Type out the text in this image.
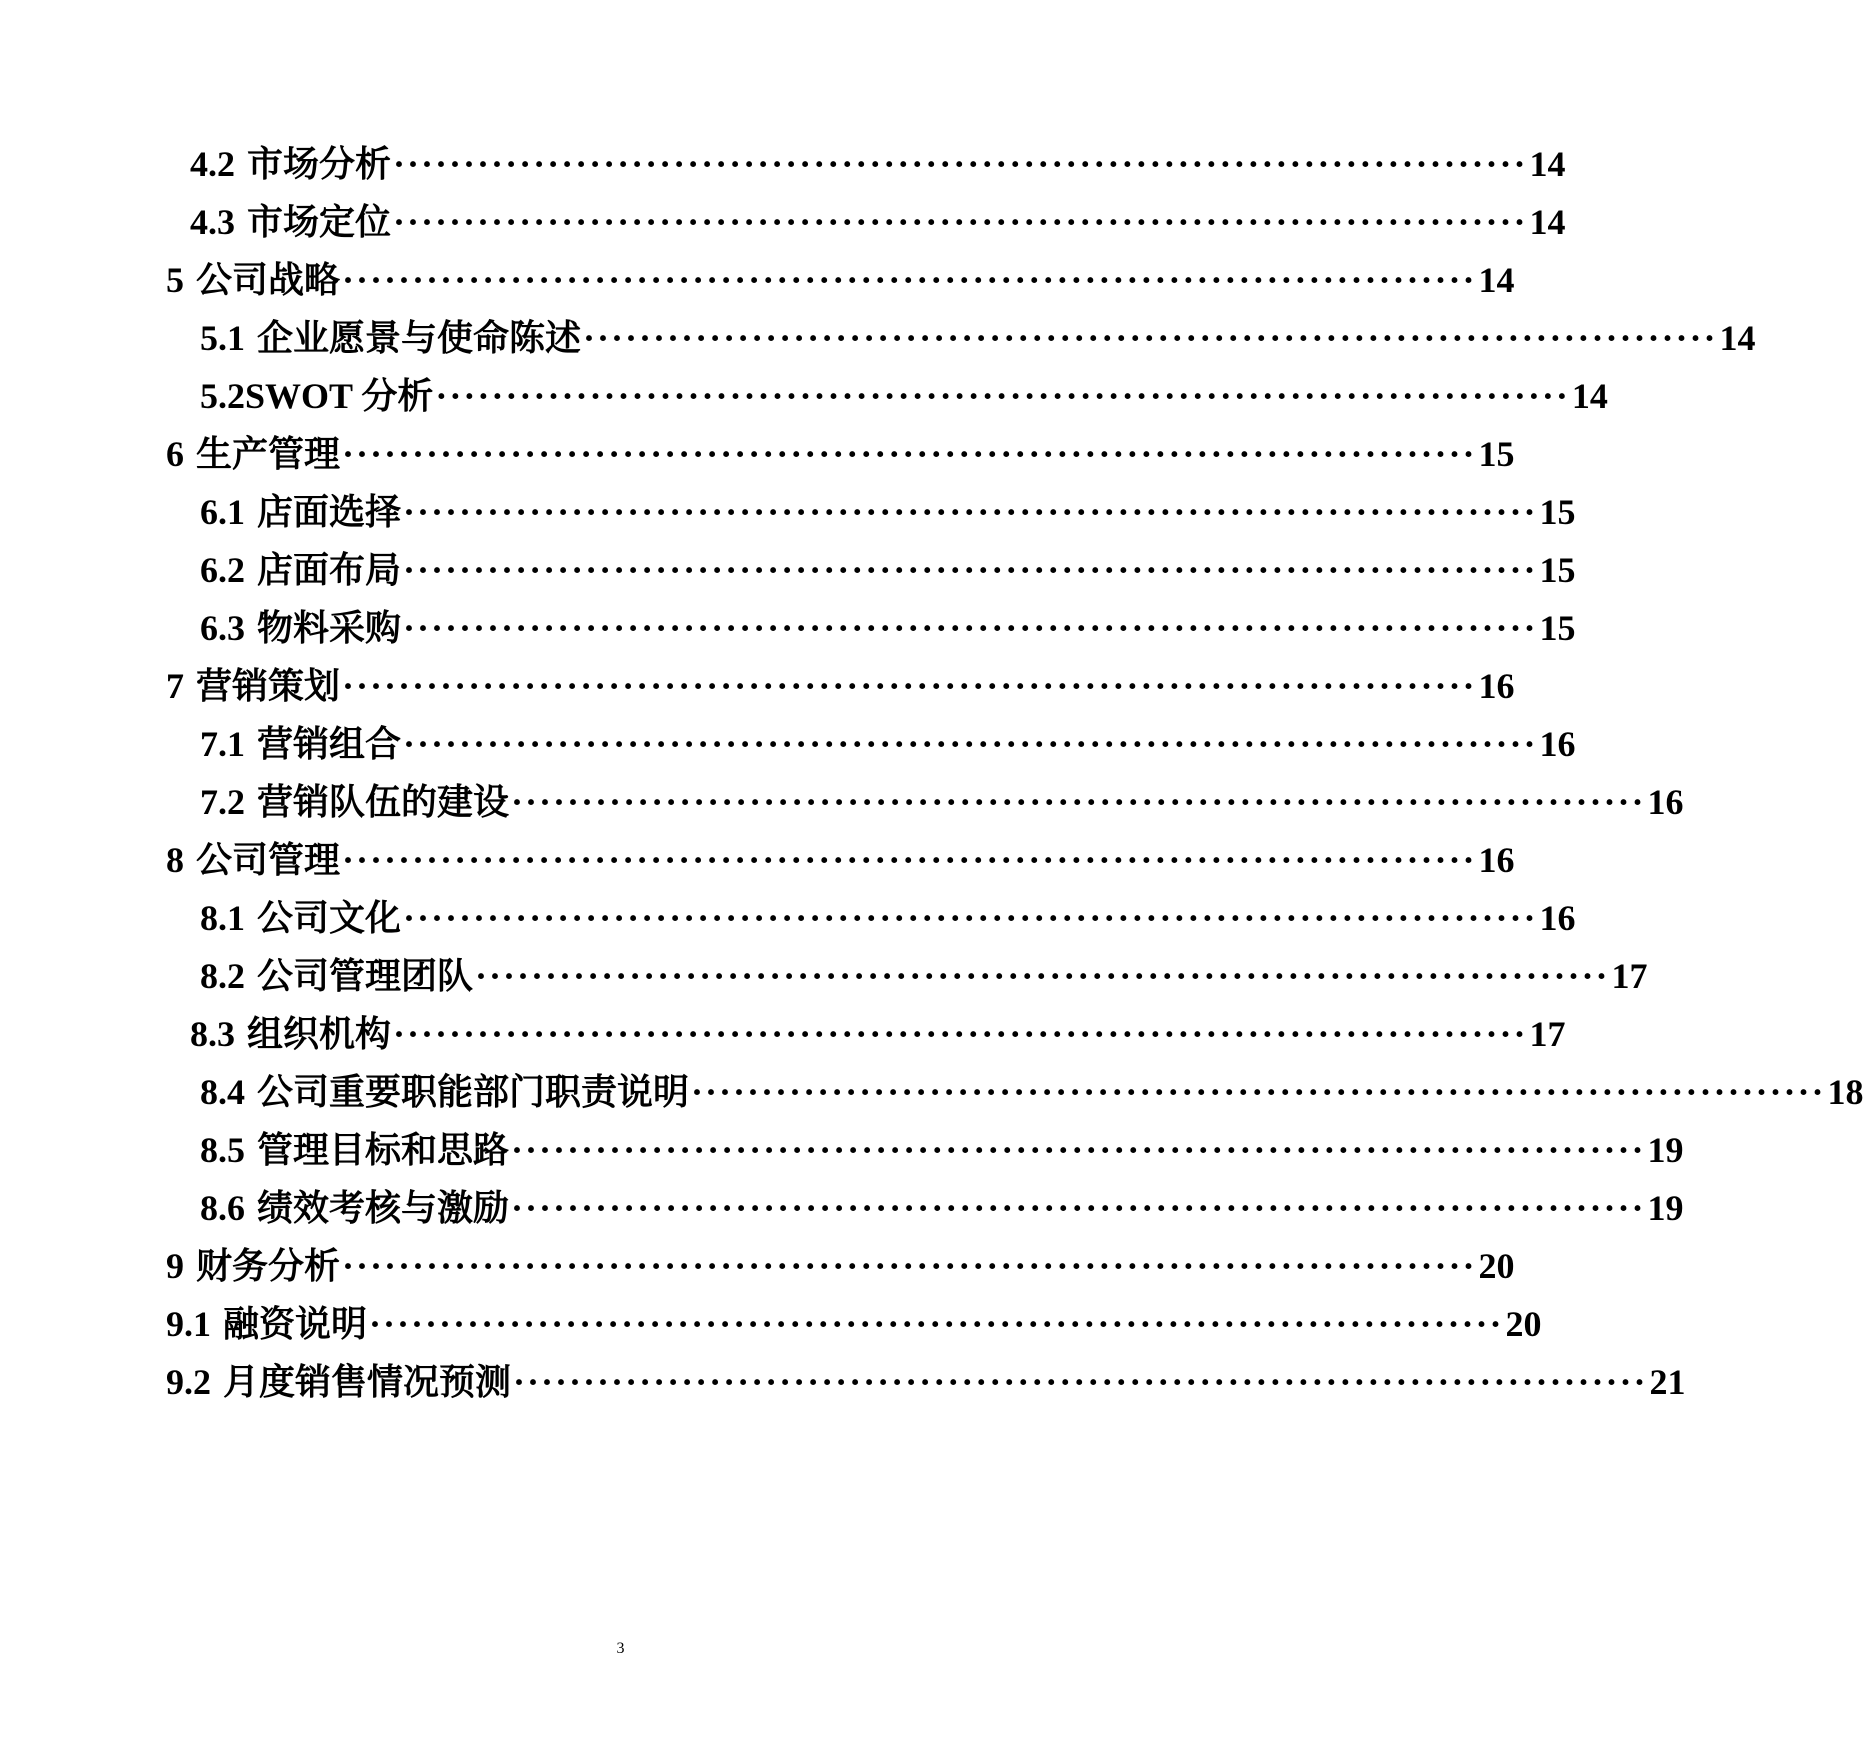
4.2 市场分析 ················································································· 14
4.3 市场定位 ················································································· 14
5 公司战略 ················································································· 14
5.1 企业愿景与使命陈述 ················································································· 14
5.2 SWOT 分析 ················································································· 14
6 生产管理 ················································································· 15
6.1 店面选择 ················································································· 15
6.2 店面布局 ················································································· 15
6.3 物料采购 ················································································· 15
7 营销策划 ················································································· 16
7.1 营销组合 ················································································· 16
7.2 营销队伍的建设 ················································································· 16
8 公司管理 ················································································· 16
8.1 公司文化 ················································································· 16
8.2 公司管理团队 ················································································· 17
8.3 组织机构 ················································································· 17
8.4 公司重要职能部门职责说明 ················································································· 18
8.5 管理目标和思路 ················································································· 19
8.6 绩效考核与激励 ················································································· 19
9 财务分析 ················································································· 20
9.1 融资说明 ················································································· 20
9.2 月度销售情况预测 ················································································· 21
3
